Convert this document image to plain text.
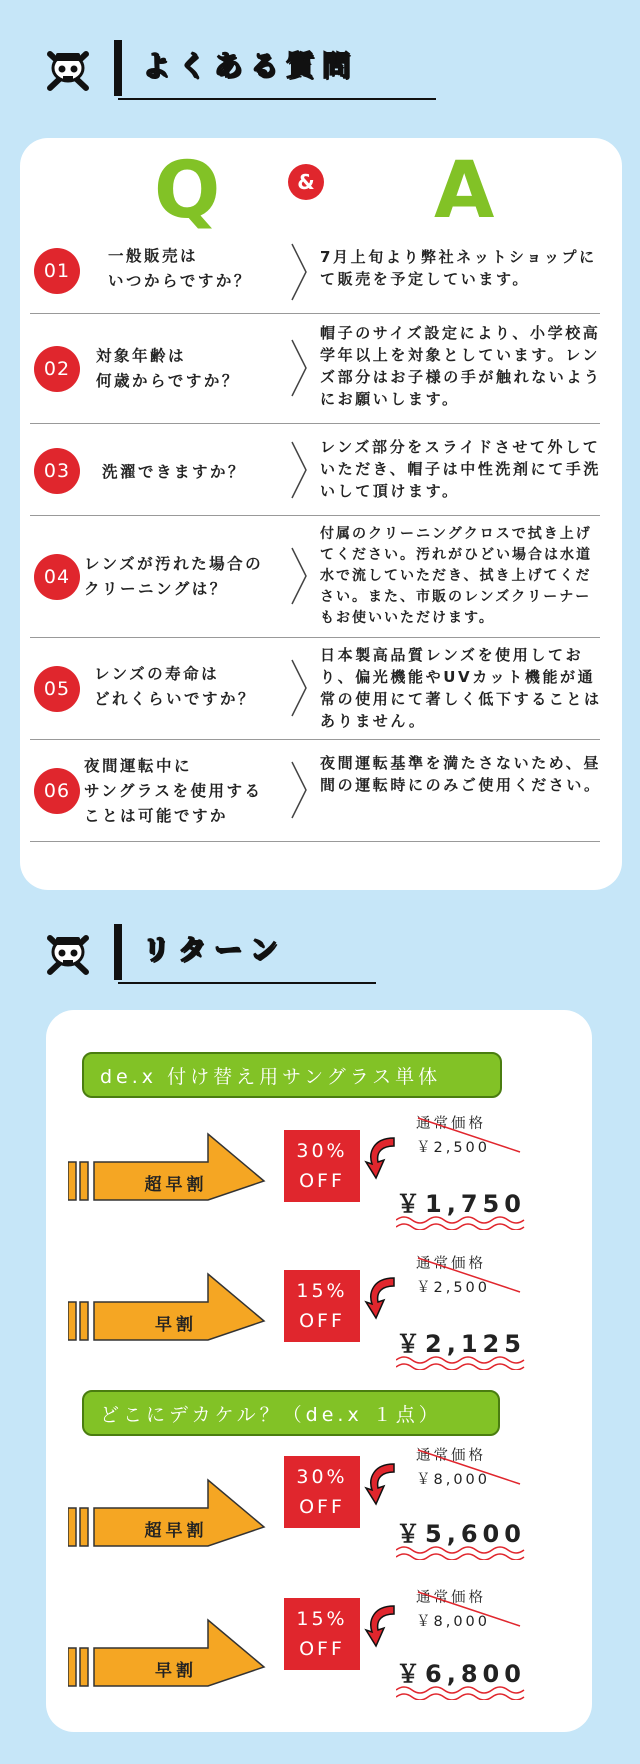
よくある質問
Q	& A
01
一般販売は
いつからですか？
7月上旬より弊社ネットショップにて販売を予定しています。
02
対象年齢は
何歳からですか？
帽子のサイズ設定により、小学校高学年以上を対象としています。レンズ部分はお子様の手が触れないようにお願いします。
03	洗濯できますか？
レンズ部分をスライドさせて外していただき、帽子は中性洗剤にて手洗いして頂けます。
04
レンズが汚れた場合の
クリーニングは？
付属のクリーニングクロスで拭き上げてください。汚れがひどい場合は水道水で流していただき、拭き上げてください。また、市販のレンズクリーナーもお使いいただけます。
05
レンズの寿命は
どれくらいですか？
日本製高品質レンズを使用しており、偏光機能やUVカット機能が通常の使用にて著しく低下することはありません。
06
夜間運転中に
サングラスを使用する
ことは可能ですか
夜間運転基準を満たさないため、昼間の運転時にのみご使用ください。
リターン
de.x 付け替え用サングラス単体
超早割
30%
OFF
通常価格
￥2,500
￥1,750
早割
15%
OFF
通常価格
￥2,500
￥2,125
どこにデカケル？（de.x １点）
超早割
30%
OFF
通常価格
￥8,000
￥5,600
早割
15%
OFF
通常価格
￥8,000
￥6,800
